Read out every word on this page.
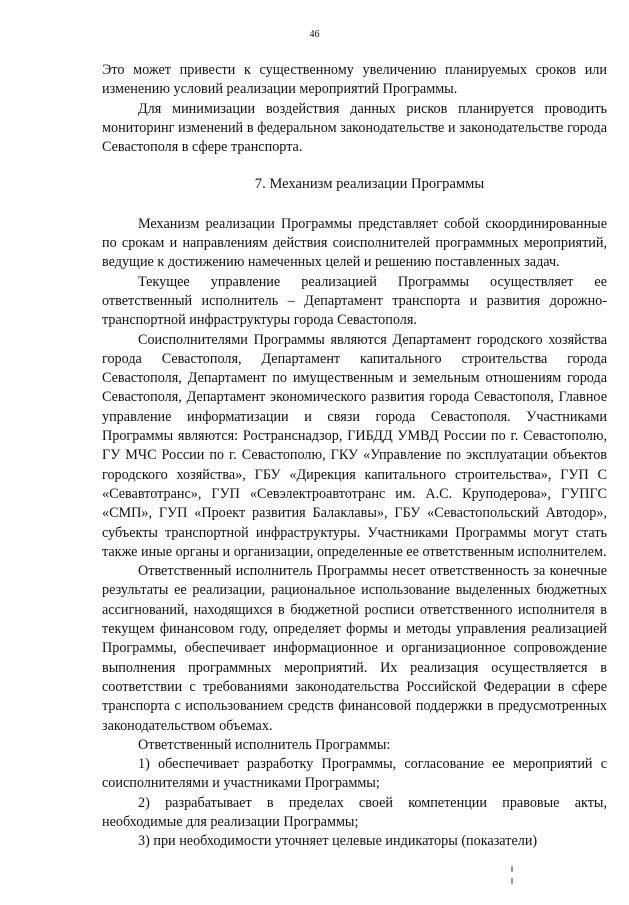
46

Это может привести к существенному увеличению планируемых сроков или изменению условий реализации мероприятий Программы.

Для минимизации воздействия данных рисков планируется проводить мониторинг изменений в федеральном законодательстве и законодательстве города Севастополя в сфере транспорта.

7. Механизм реализации Программы

Механизм реализации Программы представляет собой скоординированные по срокам и направлениям действия соисполнителей программных мероприятий, ведущие к достижению намеченных целей и решению поставленных задач.

Текущее управление реализацией Программы осуществляет ее ответственный исполнитель – Департамент транспорта и развития дорожно-транспортной инфраструктуры города Севастополя.

Соисполнителями Программы являются Департамент городского хозяйства города Севастополя, Департамент капитального строительства города Севастополя, Департамент по имущественным и земельным отношениям города Севастополя, Департамент экономического развития города Севастополя, Главное управление информатизации и связи города Севастополя. Участниками Программы являются: Ространснадзор, ГИБДД УМВД России по г. Севастополю, ГУ МЧС России по г. Севастополю, ГКУ «Управление по эксплуатации объектов городского хозяйства», ГБУ «Дирекция капитального строительства», ГУП С «Севавтотранс», ГУП «Севэлектроавтотранс им. А.С. Круподерова», ГУПГС «СМП», ГУП «Проект развития Балаклавы», ГБУ «Севастопольский Автодор», субъекты транспортной инфраструктуры. Участниками Программы могут стать также иные органы и организации, определенные ее ответственным исполнителем.

Ответственный исполнитель Программы несет ответственность за конечные результаты ее реализации, рациональное использование выделенных бюджетных ассигнований, находящихся в бюджетной росписи ответственного исполнителя в текущем финансовом году, определяет формы и методы управления реализацией Программы, обеспечивает информационное и организационное сопровождение выполнения программных мероприятий. Их реализация осуществляется в соответствии с требованиями законодательства Российской Федерации в сфере транспорта с использованием средств финансовой поддержки в предусмотренных законодательством объемах.

Ответственный исполнитель Программы:

1) обеспечивает разработку Программы, согласование ее мероприятий с соисполнителями и участниками Программы;

2) разрабатывает в пределах своей компетенции правовые акты, необходимые для реализации Программы;

3) при необходимости уточняет целевые индикаторы (показатели)
